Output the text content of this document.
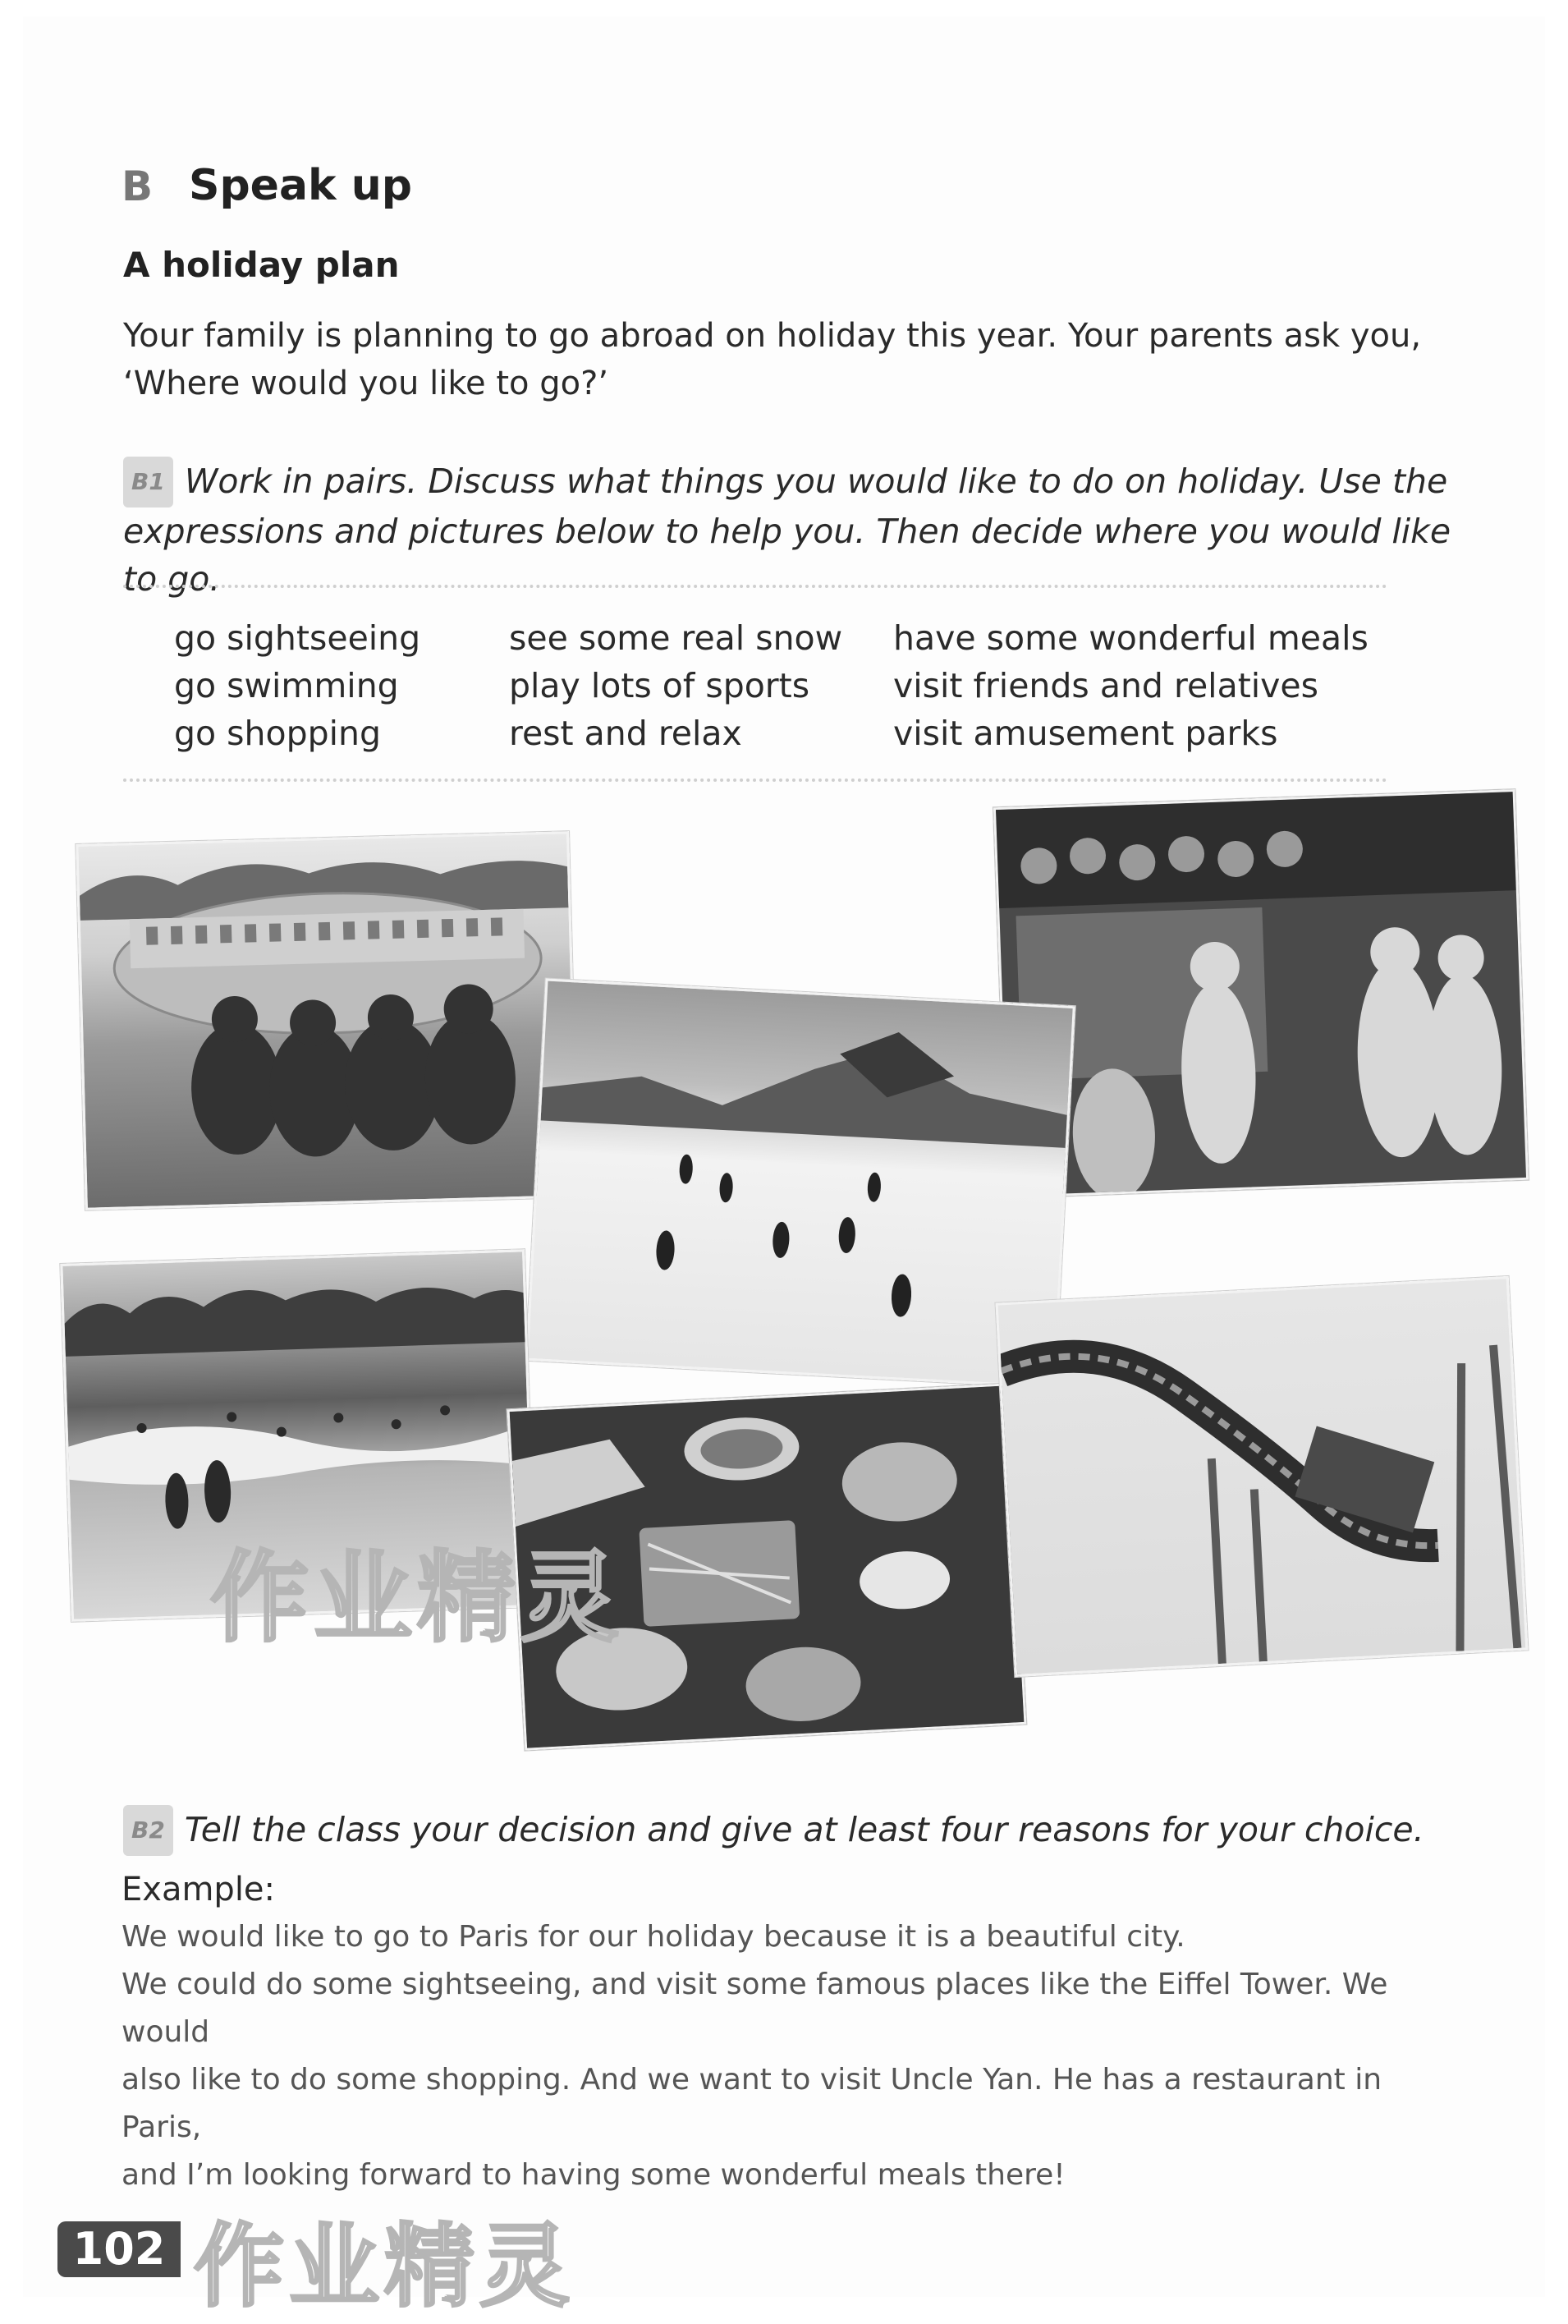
B Speak up
A holiday plan
Your family is planning to go abroad on holiday this year. Your parents ask you, ‘Where would you like to go?’
B1 Work in pairs. Discuss what things you would like to do on holiday. Use the expressions and pictures below to help you. Then decide where you would like to go.
go sightseeing
go swimming
go shopping
see some real snow
play lots of sports
rest and relax
have some wonderful meals
visit friends and relatives
visit amusement parks
作业精灵
B2 Tell the class your decision and give at least four reasons for your choice.
Example:
We would like to go to Paris for our holiday because it is a beautiful city.
We could do some sightseeing, and visit some famous places like the Eiffel Tower. We would
also like to do some shopping. And we want to visit Uncle Yan. He has a restaurant in Paris,
and I’m looking forward to having some wonderful meals there!
102 作业精灵
